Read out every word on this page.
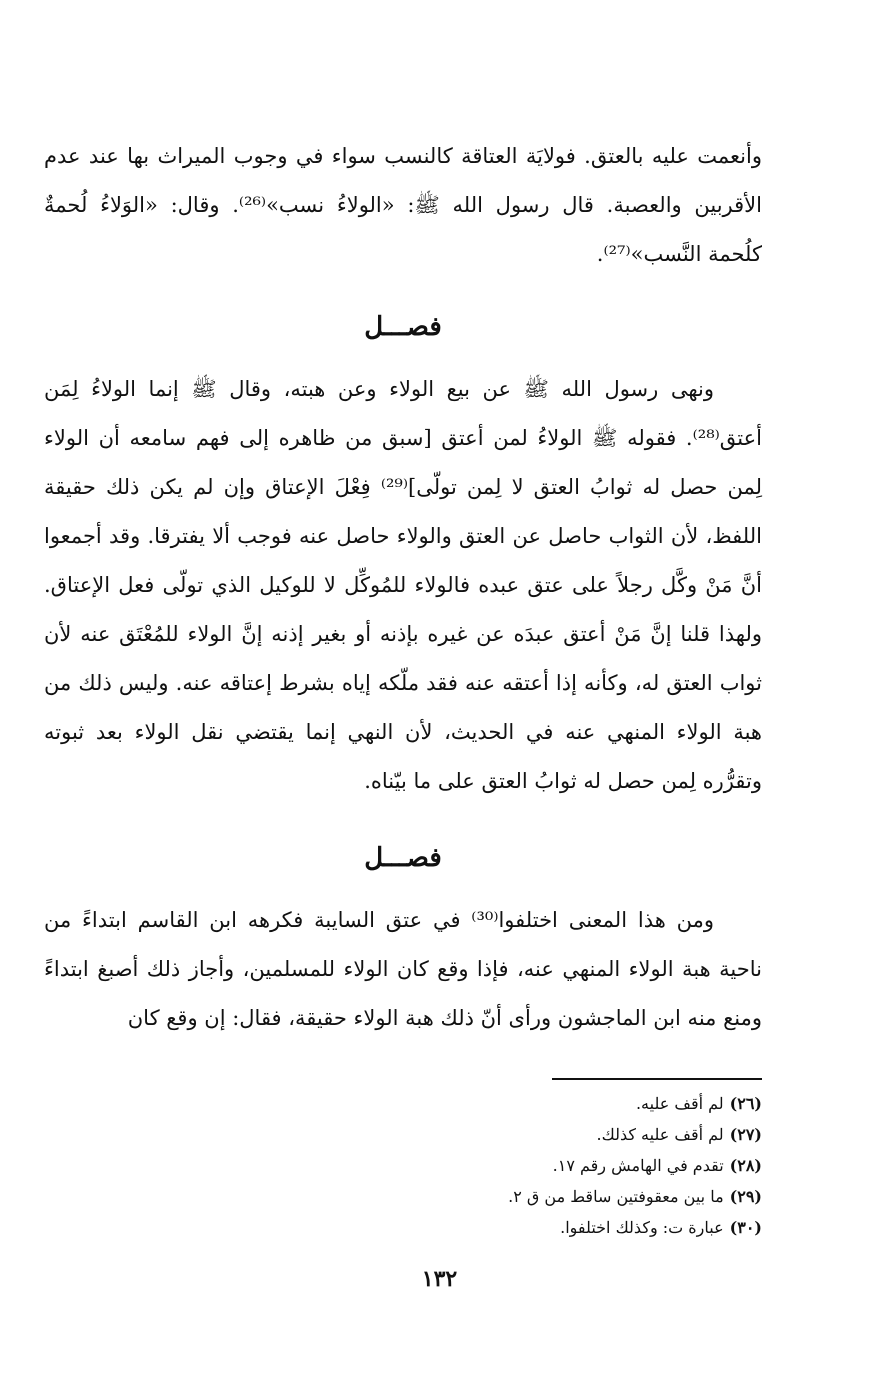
وأنعمت عليه بالعتق. فولايَة العتاقة كالنسب سواء في وجوب الميراث بها عند عدم الأقربين والعصبة. قال رسول الله ﷺ: «الولاءُ نسب»⁽²⁶⁾. وقال: «الوَلاءُ لُحمةٌ كلُحمة النَّسب»⁽²⁷⁾.

فصـــل

ونهى رسول الله ﷺ عن بيع الولاء وعن هبته، وقال ﷺ إنما الولاءُ لِمَن أعتق⁽²⁸⁾. فقوله ﷺ الولاءُ لمن أعتق [سبق من ظاهره إلى فهم سامعه أن الولاء لِمن حصل له ثوابُ العتق لا لِمن تولّى]⁽²⁹⁾ فِعْلَ الإعتاق وإن لم يكن ذلك حقيقة اللفظ، لأن الثواب حاصل عن العتق والولاء حاصل عنه فوجب ألا يفترقا. وقد أجمعوا أنَّ مَنْ وكَّل رجلاً على عتق عبده فالولاء للمُوكِّل لا للوكيل الذي تولّى فعل الإعتاق. ولهذا قلنا إنَّ مَنْ أعتق عبدَه عن غيره بإذنه أو بغير إذنه إنَّ الولاء للمُعْتَق عنه لأن ثواب العتق له، وكأنه إذا أعتقه عنه فقد ملّكه إياه بشرط إعتاقه عنه. وليس ذلك من هبة الولاء المنهي عنه في الحديث، لأن النهي إنما يقتضي نقل الولاء بعد ثبوته وتقرُّره لِمن حصل له ثوابُ العتق على ما بيّناه.

فصـــل

ومن هذا المعنى اختلفوا⁽³⁰⁾ في عتق السايبة فكرهه ابن القاسم ابتداءً من ناحية هبة الولاء المنهي عنه، فإذا وقع كان الولاء للمسلمين، وأجاز ذلك أصبغ ابتداءً ومنع منه ابن الماجشون ورأى أنّ ذلك هبة الولاء حقيقة، فقال: إن وقع كان

(٢٦)لم أقف عليه.
(٢٧)لم أقف عليه كذلك.
(٢٨)تقدم في الهامش رقم ١٧.
(٢٩)ما بين معقوفتين ساقط من ق ٢.
(٣٠)عبارة ت: وكذلك اختلفوا.
١٣٢
